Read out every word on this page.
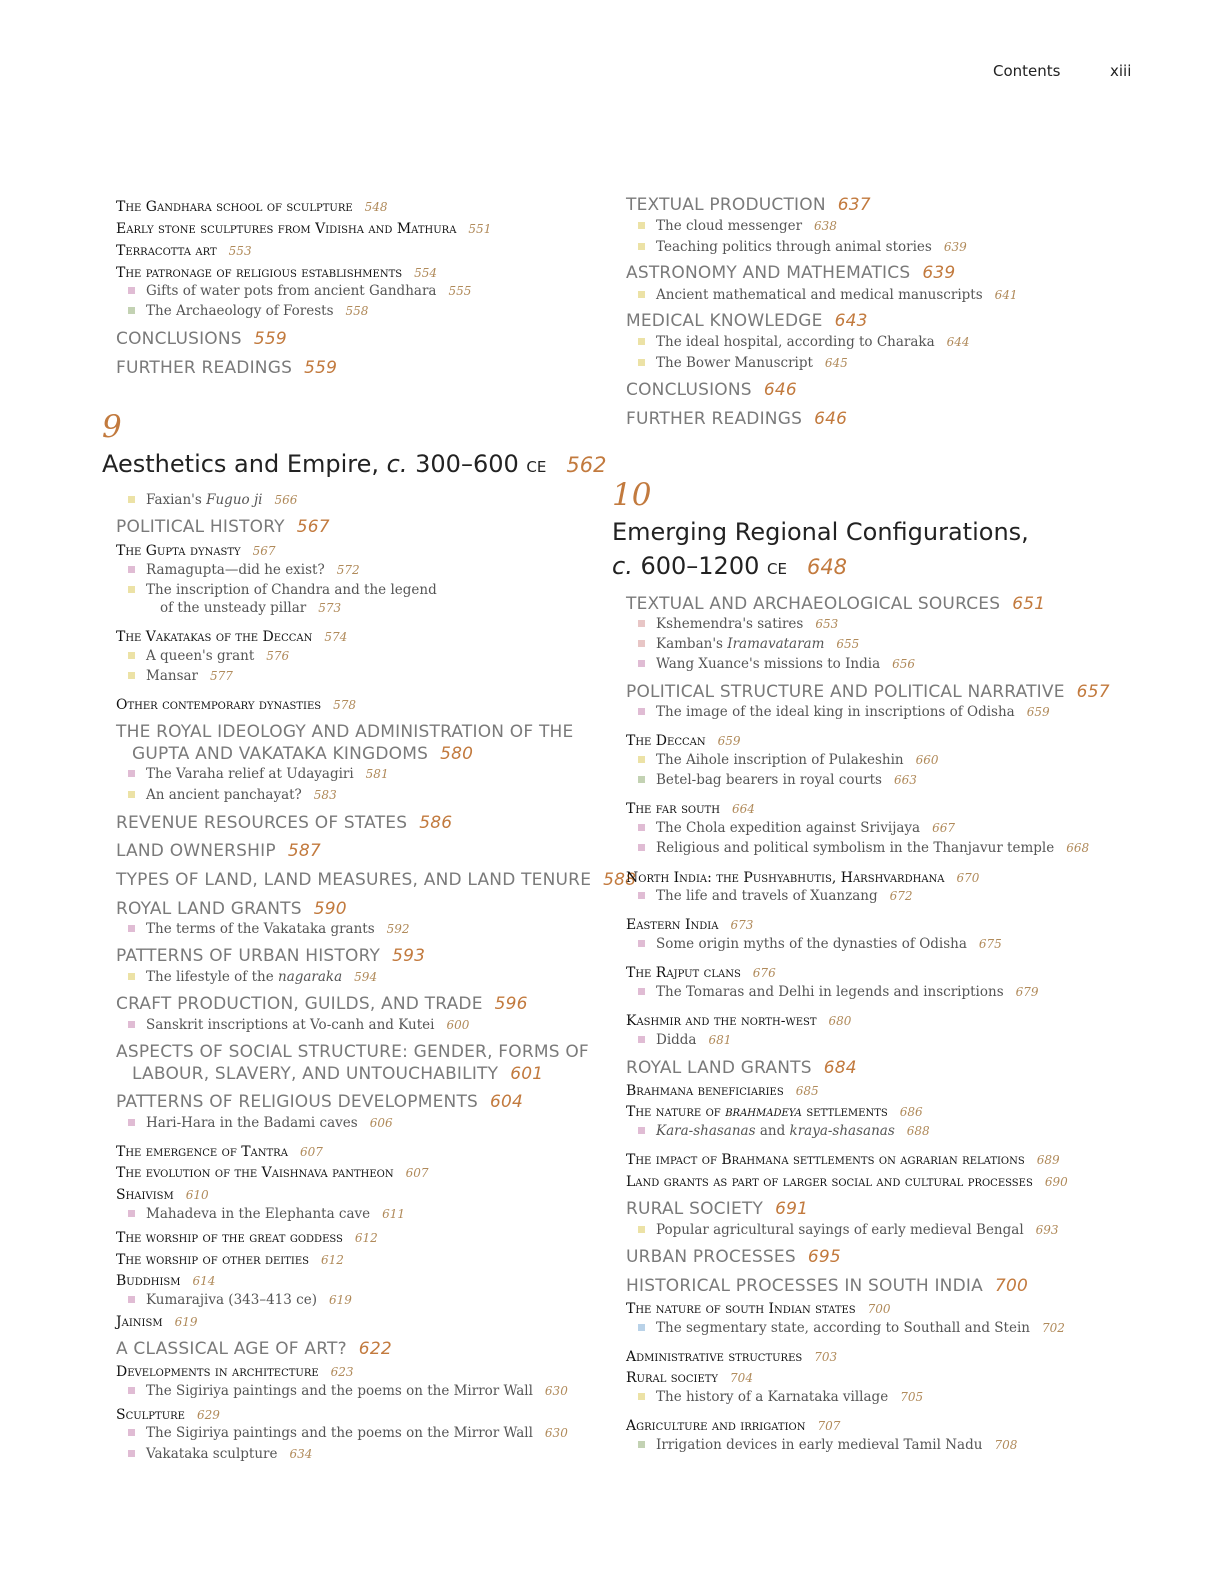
Contents	xiii
The Gandhara school of sculpture 548
Early stone sculptures from Vidisha and Mathura 551
Terracotta art 553
The patronage of religious establishments 554
Gifts of water pots from ancient Gandhara 555
The Archaeology of Forests 558
CONCLUSIONS 559
FURTHER READINGS 559
9
Aesthetics and Empire, c. 300–600 CE 562
Faxian's Fuguo ji 566
POLITICAL HISTORY 567
The Gupta dynasty 567
Ramagupta—did he exist? 572
The inscription of Chandra and the legend
of the unsteady pillar 573
The Vakatakas of the Deccan 574
A queen's grant 576
Mansar 577
Other contemporary dynasties 578
THE ROYAL IDEOLOGY AND ADMINISTRATION OF THE
GUPTA AND VAKATAKA KINGDOMS 580
The Varaha relief at Udayagiri 581
An ancient panchayat? 583
REVENUE RESOURCES OF STATES 586
LAND OWNERSHIP 587
TYPES OF LAND, LAND MEASURES, AND LAND TENURE 588
ROYAL LAND GRANTS 590
The terms of the Vakataka grants 592
PATTERNS OF URBAN HISTORY 593
The lifestyle of the nagaraka 594
CRAFT PRODUCTION, GUILDS, AND TRADE 596
Sanskrit inscriptions at Vo-canh and Kutei 600
ASPECTS OF SOCIAL STRUCTURE: GENDER, FORMS OF
LABOUR, SLAVERY, AND UNTOUCHABILITY 601
PATTERNS OF RELIGIOUS DEVELOPMENTS 604
Hari-Hara in the Badami caves 606
The emergence of Tantra 607
The evolution of the Vaishnava pantheon 607
Shaivism 610
Mahadeva in the Elephanta cave 611
The worship of the great goddess 612
The worship of other deities 612
Buddhism 614
Kumarajiva (343–413 ce) 619
Jainism 619
A CLASSICAL AGE OF ART? 622
Developments in architecture 623
The Sigiriya paintings and the poems on the Mirror Wall 630
Sculpture 629
The Sigiriya paintings and the poems on the Mirror Wall 630
Vakataka sculpture 634
TEXTUAL PRODUCTION 637
The cloud messenger 638
Teaching politics through animal stories 639
ASTRONOMY AND MATHEMATICS 639
Ancient mathematical and medical manuscripts 641
MEDICAL KNOWLEDGE 643
The ideal hospital, according to Charaka 644
The Bower Manuscript 645
CONCLUSIONS 646
FURTHER READINGS 646
10
Emerging Regional Configurations,
c. 600–1200 CE 648
TEXTUAL AND ARCHAEOLOGICAL SOURCES 651
Kshemendra's satires 653
Kamban's Iramavataram 655
Wang Xuance's missions to India 656
POLITICAL STRUCTURE AND POLITICAL NARRATIVE 657
The image of the ideal king in inscriptions of Odisha 659
The Deccan 659
The Aihole inscription of Pulakeshin 660
Betel-bag bearers in royal courts 663
The far south 664
The Chola expedition against Srivijaya 667
Religious and political symbolism in the Thanjavur temple 668
North India: the Pushyabhutis, Harshvardhana 670
The life and travels of Xuanzang 672
Eastern India 673
Some origin myths of the dynasties of Odisha 675
The Rajput clans 676
The Tomaras and Delhi in legends and inscriptions 679
Kashmir and the north-west 680
Didda 681
ROYAL LAND GRANTS 684
Brahmana beneficiaries 685
The nature of brahmadeya settlements 686
Kara-shasanas and kraya-shasanas 688
The impact of Brahmana settlements on agrarian relations 689
Land grants as part of larger social and cultural processes 690
RURAL SOCIETY 691
Popular agricultural sayings of early medieval Bengal 693
URBAN PROCESSES 695
HISTORICAL PROCESSES IN SOUTH INDIA 700
The nature of south Indian states 700
The segmentary state, according to Southall and Stein 702
Administrative structures 703
Rural society 704
The history of a Karnataka village 705
Agriculture and irrigation 707
Irrigation devices in early medieval Tamil Nadu 708
